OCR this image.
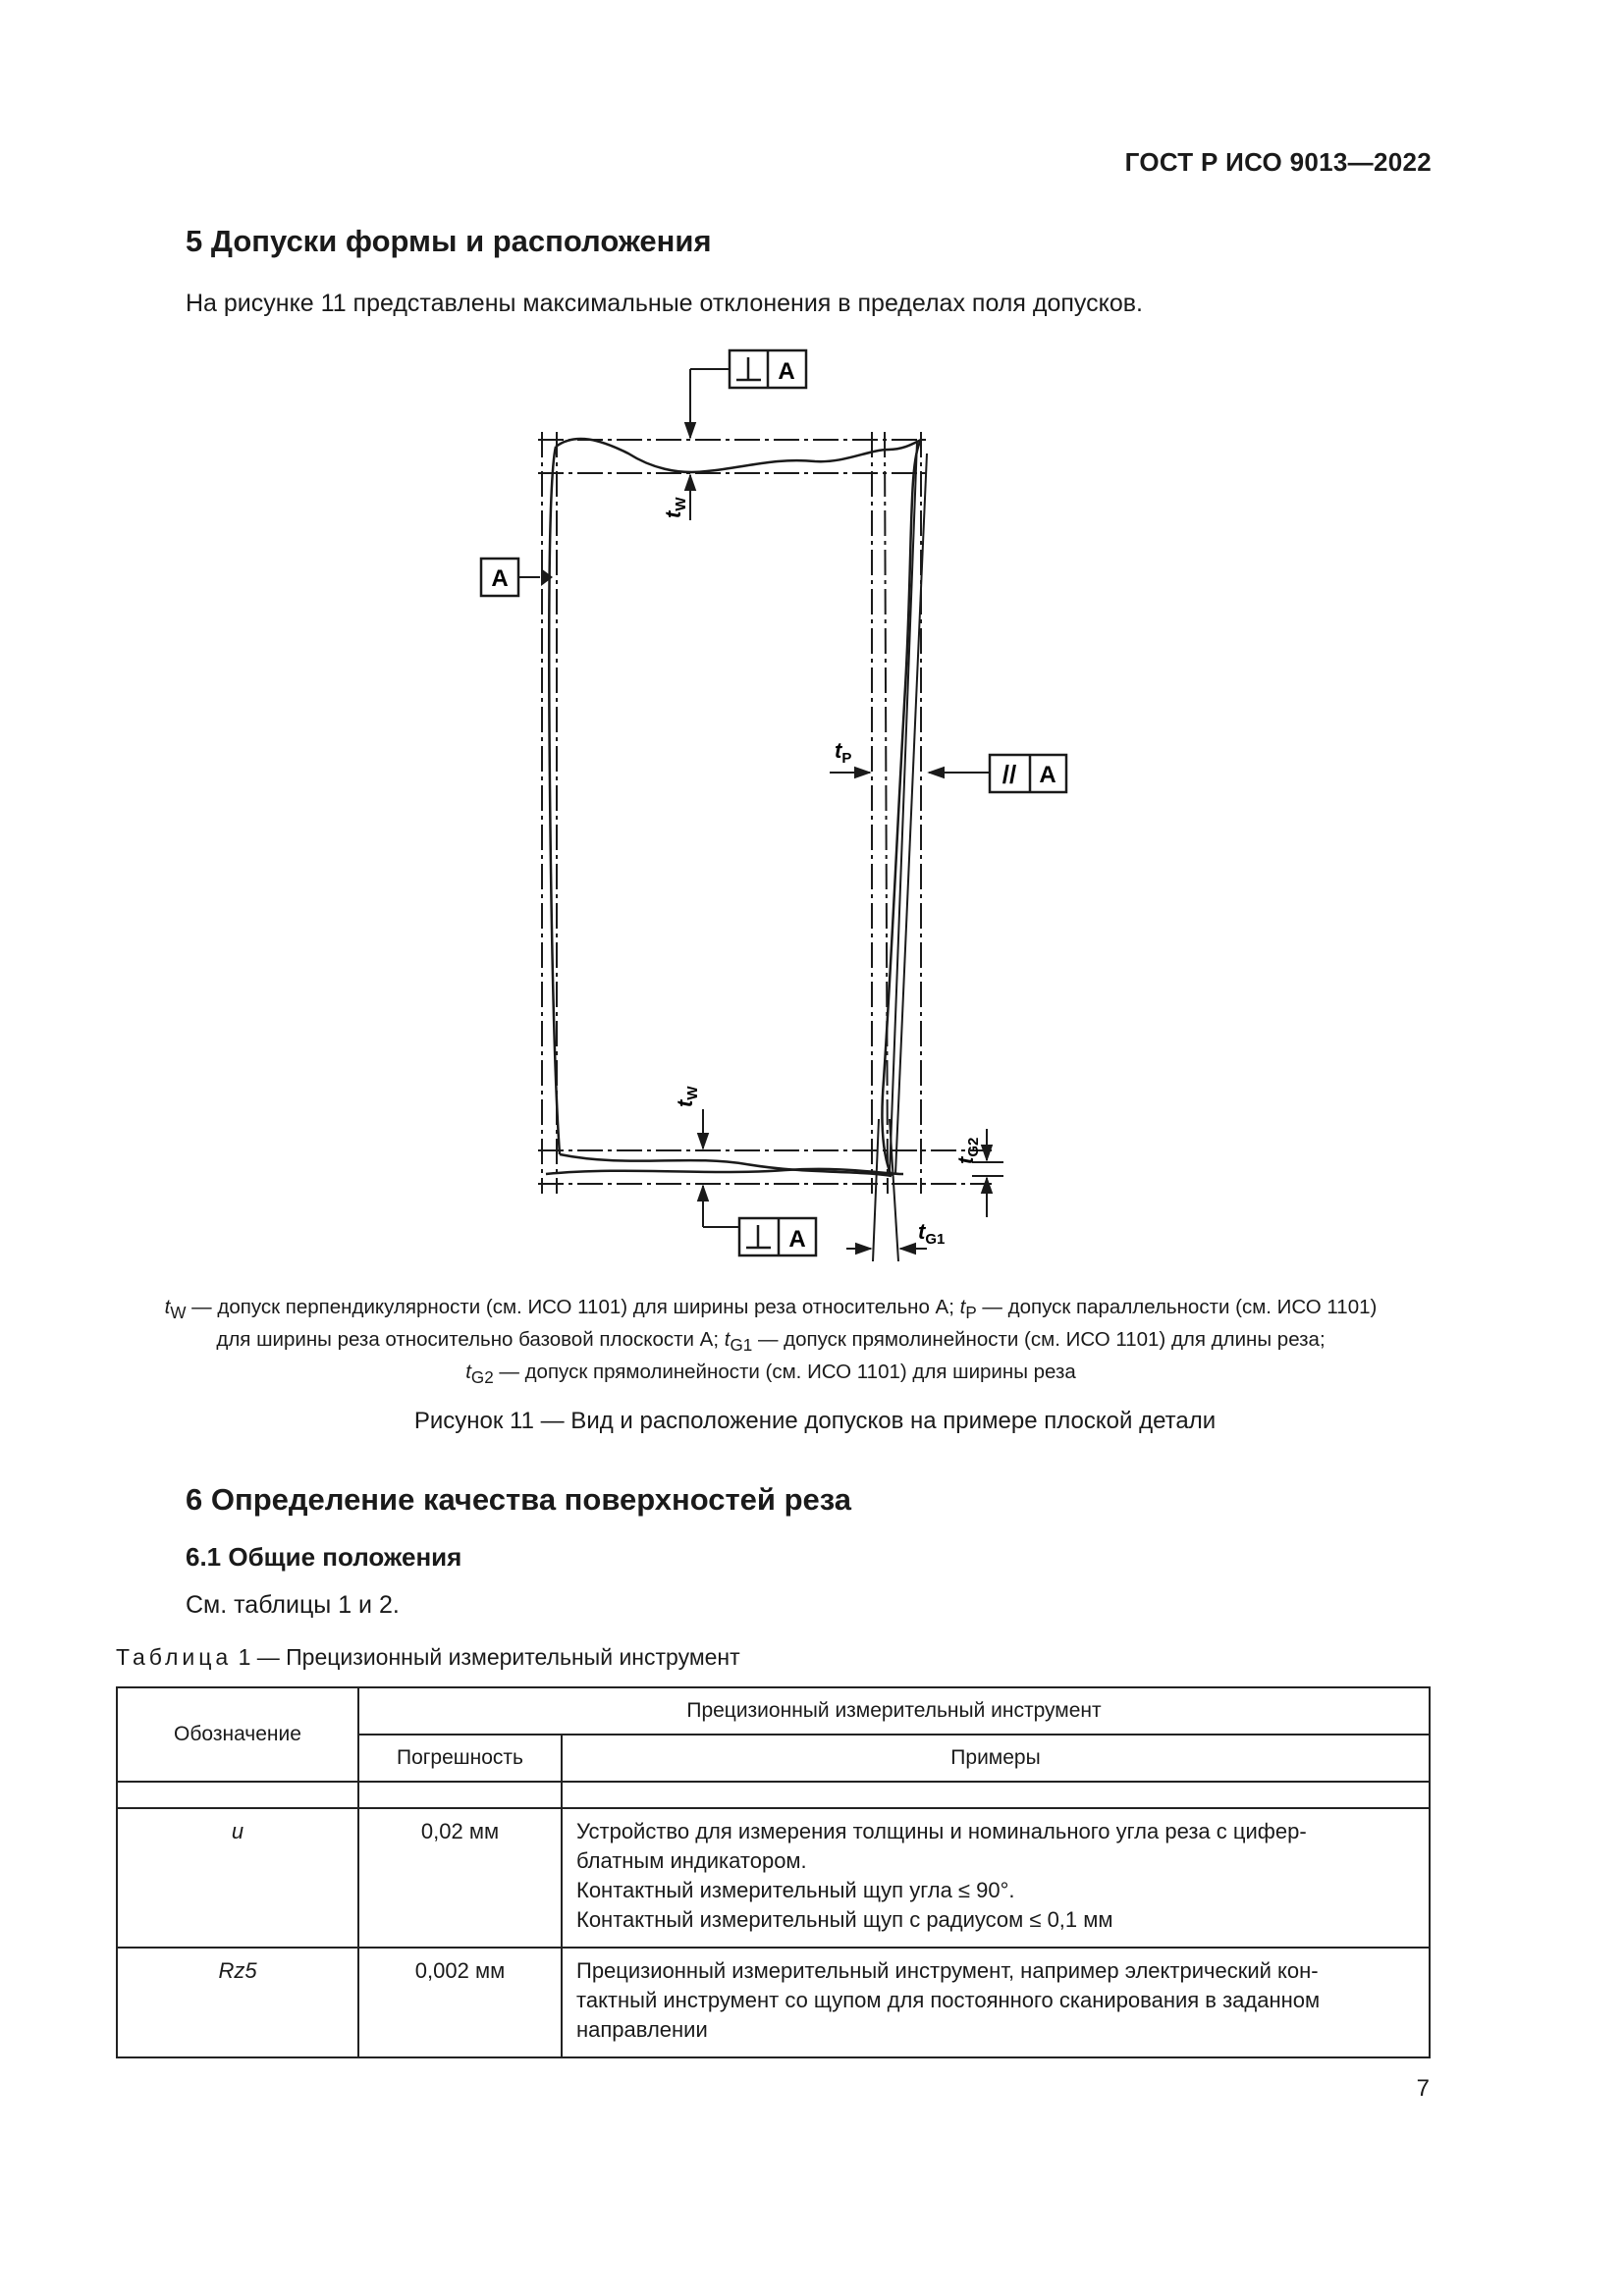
ГОСТ Р ИСО 9013—2022
5 Допуски формы и расположения
На рисунке 11 представлены максимальные отклонения в пределах поля допусков.
A
A
// A
A
$t_W$
$t_W$
$t_{G2}$
$t_P$
$t_{G1}$
$t_W$ — допуск перпендикулярности (см. ИСО 1101) для ширины реза относительно А; $t_P$ — допуск параллельности (см. ИСО 1101)
для ширины реза относительно базовой плоскости А; $t_{G1}$ — допуск прямолинейности (см. ИСО 1101) для длины реза;
$t_{G2}$ — допуск прямолинейности (см. ИСО 1101) для ширины реза
Рисунок 11 — Вид и расположение допусков на примере плоской детали
6 Определение качества поверхностей реза
6.1 Общие положения
См. таблицы 1 и 2.
Таблица 1 — Прецизионный измерительный инструмент
Обозначение	Прецизионный измерительный инструмент	
	Погрешность	Примеры

u	0,02 мм	Устройство для измерения толщины и номинального угла реза с цифер-
блатным индикатором.
Контактный измерительный щуп угла ≤ 90°.
Контактный измерительный щуп с радиусом ≤ 0,1 мм

Rz5	0,002 мм	Прецизионный измерительный инструмент, например электрический кон-
тактный инструмент со щупом для постоянного сканирования в заданном
направлении
7
